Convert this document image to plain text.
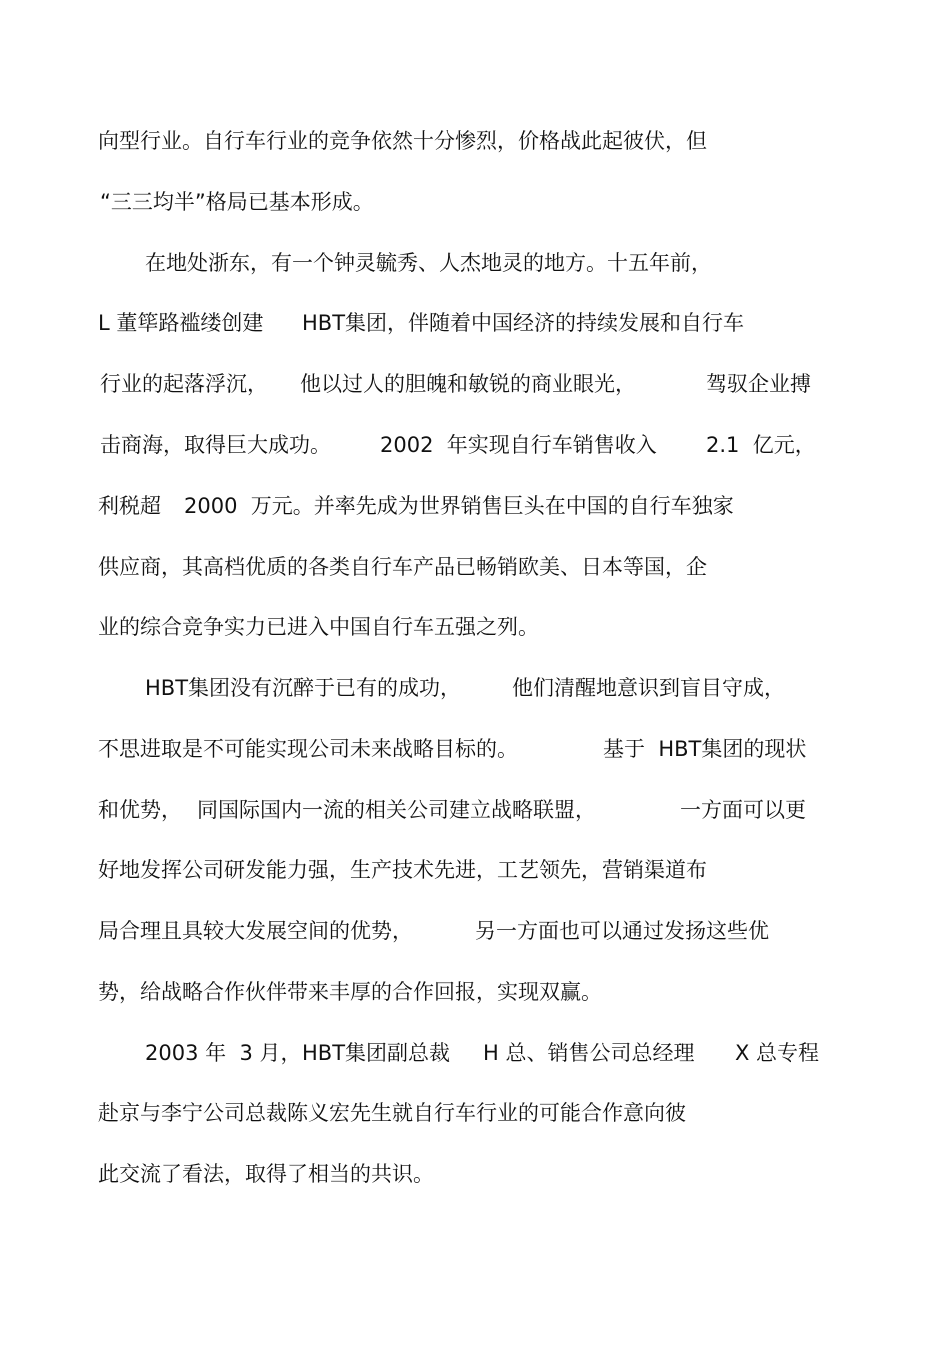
向型行业。自行车行业的竞争依然十分惨烈，价格战此起彼伏，但

“三三均半”格局已基本形成。

在地处浙东，有一个钟灵毓秀、人杰地灵的地方。十五年前，

L 董筚路褴缕创建

HBT集团，伴随着中国经济的持续发展和自行车

行业的起落浮沉，

他以过人的胆魄和敏锐的商业眼光，

	驾驭企业搏

击商海，取得巨大成功。

2002  年实现自行车销售收入

2.1  亿元，

利税超

2000  万元。并率先成为世界销售巨头在中国的自行车独家

供应商，其高档优质的各类自行车产品已畅销欧美、日本等国，企

业的综合竞争实力已进入中国自行车五强之列。

HBT集团没有沉醉于已有的成功，

他们清醒地意识到盲目守成，

不思进取是不可能实现公司未来战略目标的。

	基于  HBT集团的现状

和优势，

同国际国内一流的相关公司建立战略联盟，

	一方面可以更

好地发挥公司研发能力强，生产技术先进，工艺领先，营销渠道布

局合理且具较大发展空间的优势，

	另一方面也可以通过发扬这些优

势，给战略合作伙伴带来丰厚的合作回报，实现双赢。

2003 年  3 月，

HBT集团副总裁

H 总、销售公司总经理

X 总专程

赴京与李宁公司总裁陈义宏先生就自行车行业的可能合作意向彼

此交流了看法，取得了相当的共识。
